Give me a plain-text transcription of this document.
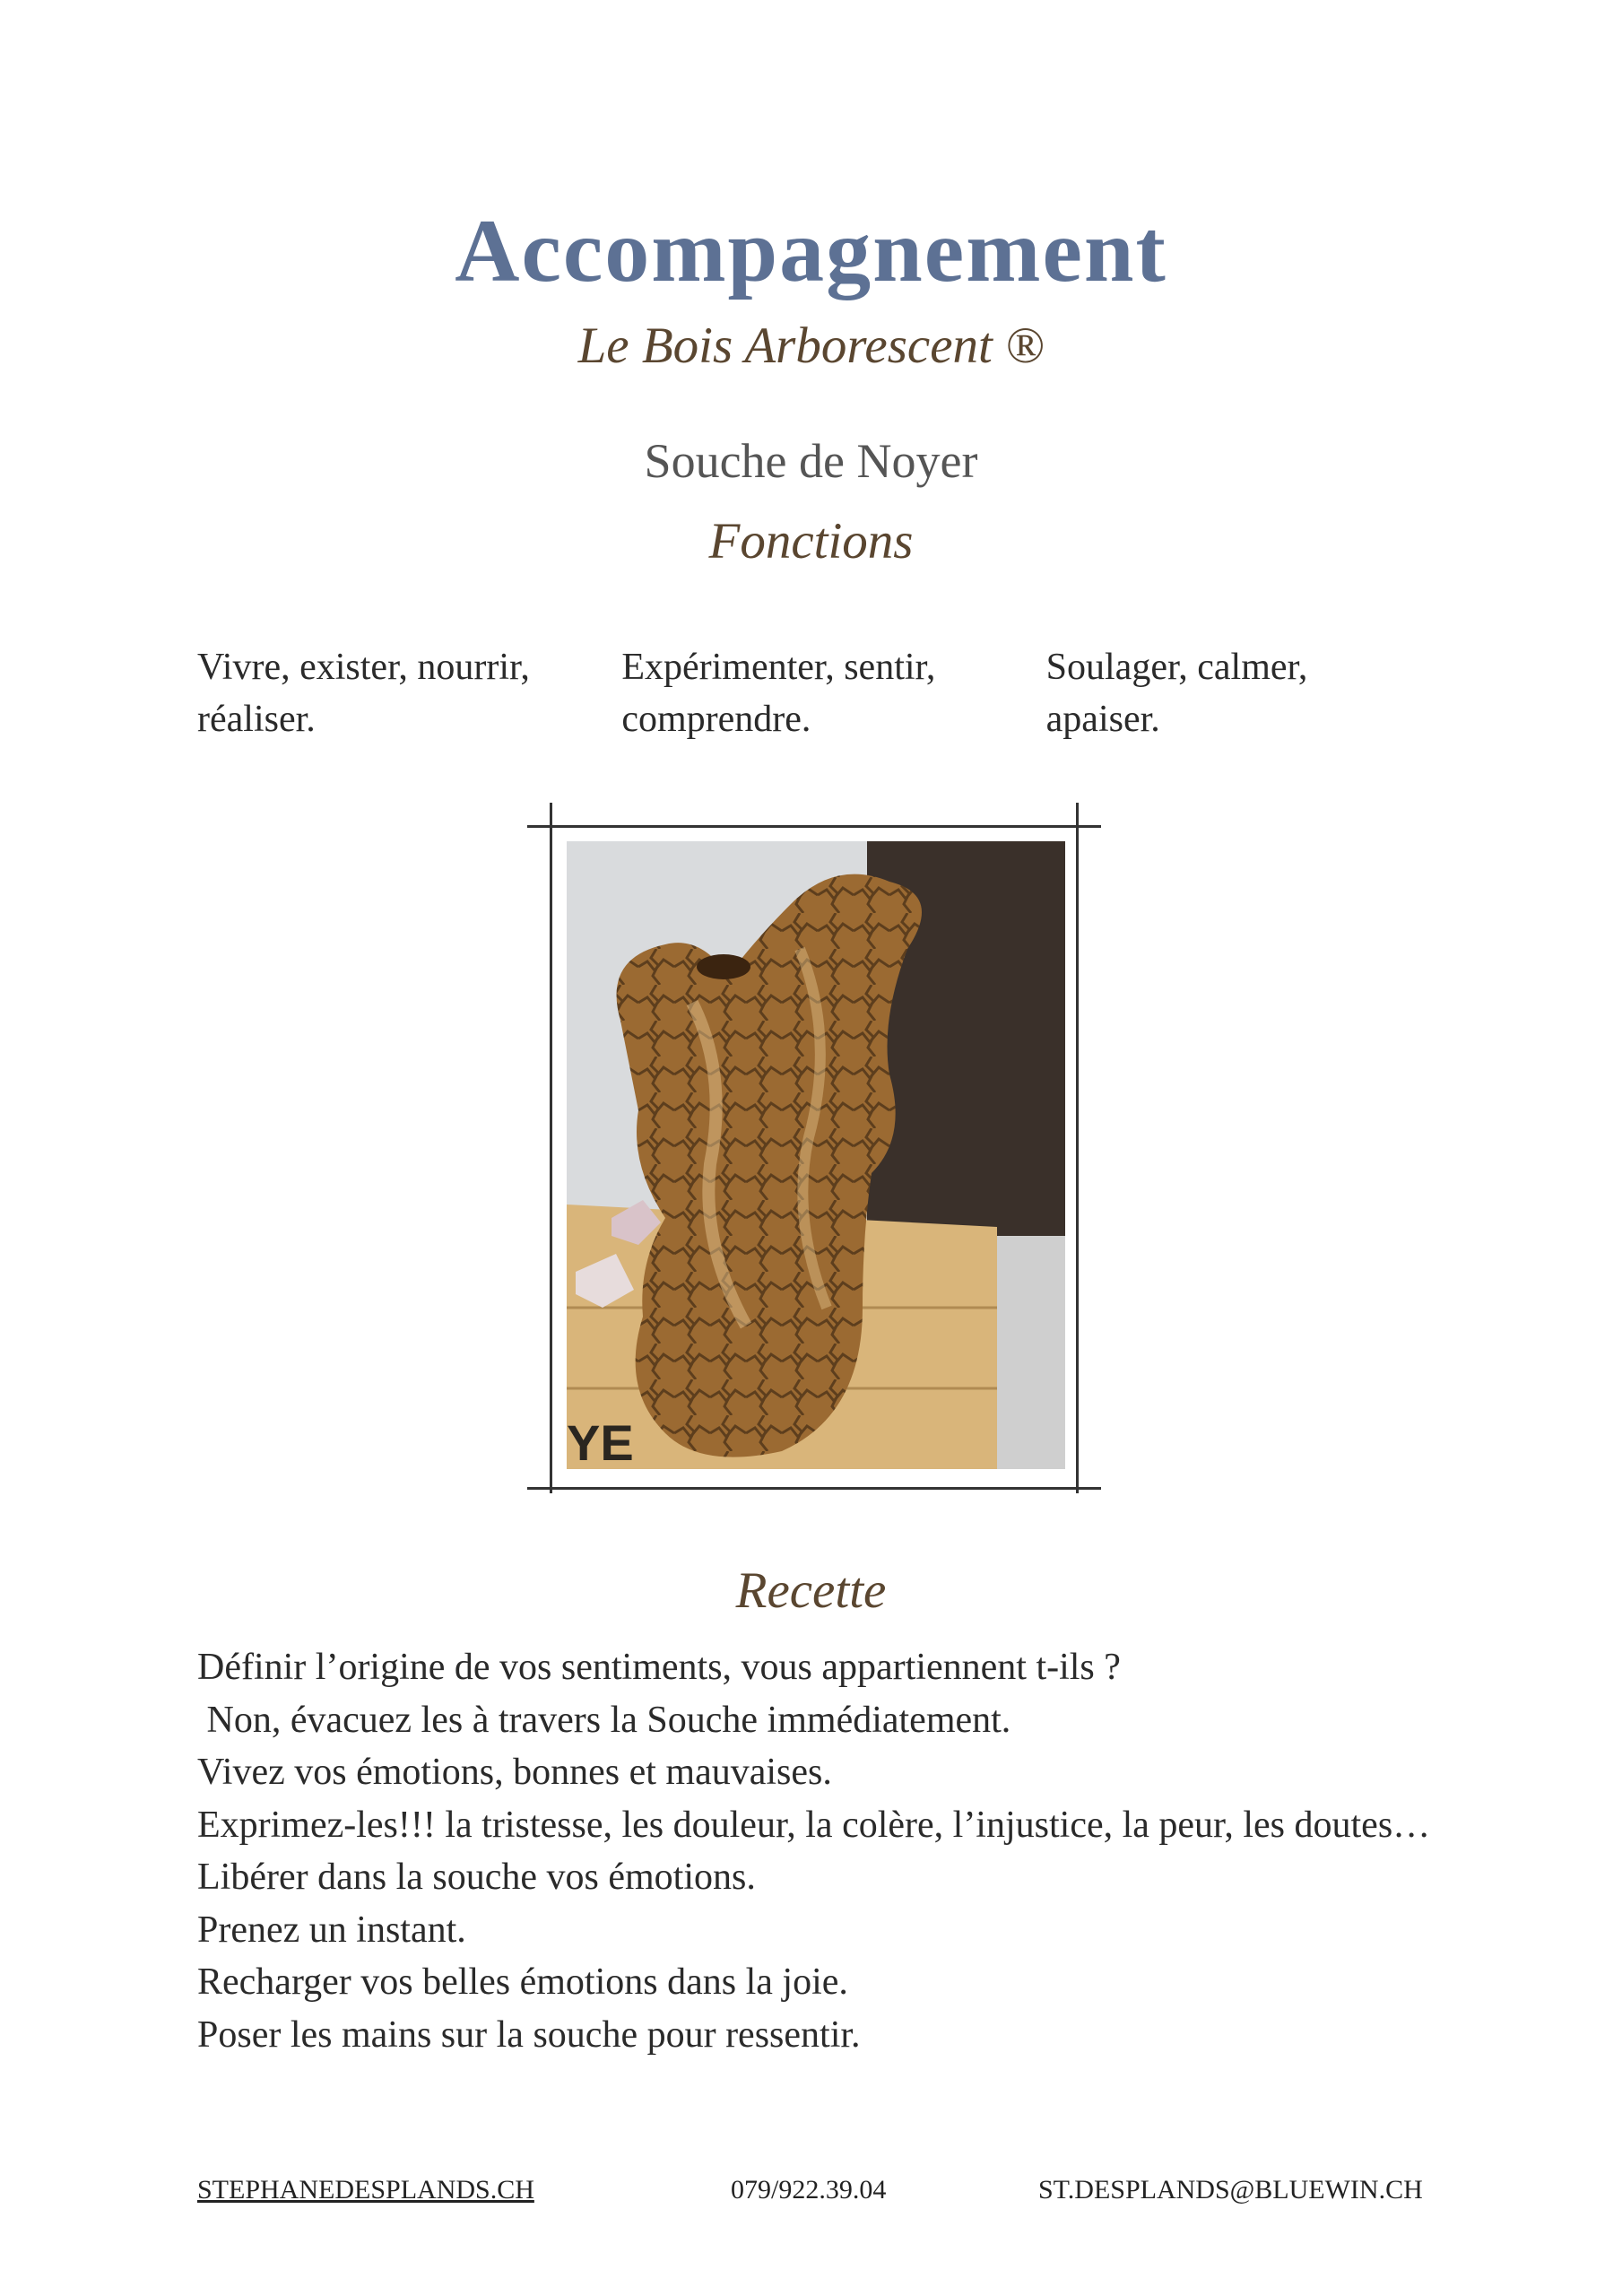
Accompagnement
Le Bois Arborescent ®
Souche de Noyer
Fonctions
Vivre, exister, nourrir,
réaliser.
Expérimenter, sentir,
comprendre.
Soulager, calmer,
apaiser.
YE
Recette
Définir l’origine de vos sentiments, vous appartiennent t-ils ?
Non, évacuez les à travers la Souche immédiatement.
Vivez vos émotions, bonnes et mauvaises.
Exprimez-les!!! la tristesse, les douleur, la colère, l’injustice, la peur, les doutes…
Libérer dans la souche vos émotions.
Prenez un instant.
Recharger vos belles émotions dans la joie.
Poser les mains sur la souche pour ressentir.
STEPHANEDESPLANDS.CH	079/922.39.04	ST.DESPLANDS@BLUEWIN.CH
